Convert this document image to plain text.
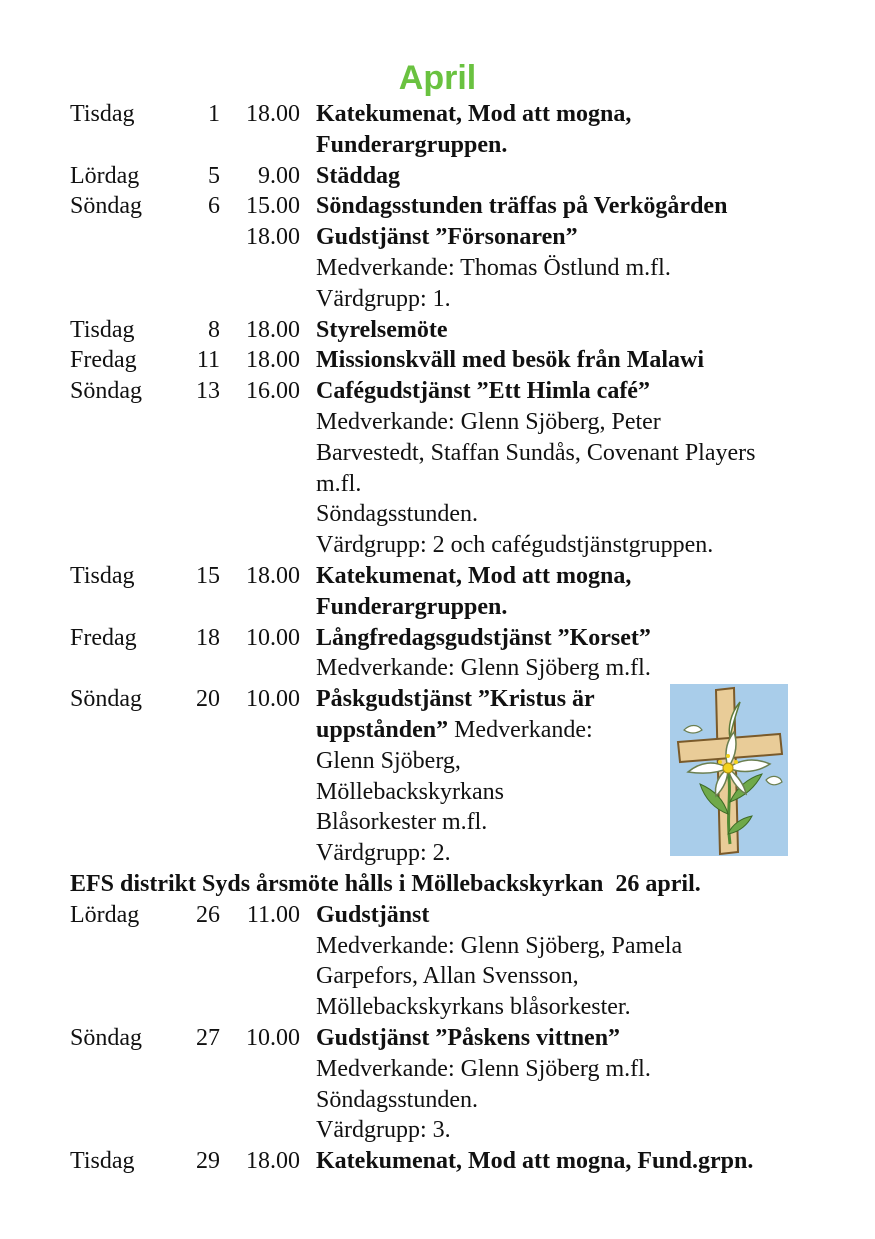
April
Tisdag	1	18.00 Katekumenat, Mod att mogna,
Funderargruppen.
Lördag	5	9.00 Städdag
Söndag	6	15.00 Söndagsstunden träffas på Verkögården
18.00 Gudstjänst ”Försonaren”
Medverkande: Thomas Östlund m.fl.
Värdgrupp: 1.
Tisdag	8	18.00 Styrelsemöte
Fredag	11	18.00 Missionskväll med besök från Malawi
Söndag	13	16.00 Cafégudstjänst ”Ett Himla café”
Medverkande: Glenn Sjöberg, Peter
Barvestedt, Staffan Sundås, Covenant Players
m.fl.
Söndagsstunden.
Värdgrupp: 2 och cafégudstjänstgruppen.
Tisdag	15	18.00 Katekumenat, Mod att mogna,
Funderargruppen.
Fredag	18	10.00 Långfredagsgudstjänst ”Korset”
Medverkande: Glenn Sjöberg m.fl.
Söndag	20	10.00 Påskgudstjänst ”Kristus är
uppstånden” Medverkande:
Glenn Sjöberg,
Möllebackskyrkans
Blåsorkester m.fl.
Värdgrupp: 2.
EFS distrikt Syds årsmöte hålls i Möllebackskyrkan  26 april.
Lördag	26	11.00 Gudstjänst
Medverkande: Glenn Sjöberg, Pamela
Garpefors, Allan Svensson,
Möllebackskyrkans blåsorkester.
Söndag	27	10.00 Gudstjänst ”Påskens vittnen”
Medverkande: Glenn Sjöberg m.fl.
Söndagsstunden.
Värdgrupp: 3.
Tisdag	29	18.00 Katekumenat, Mod att mogna, Fund.grpn.
